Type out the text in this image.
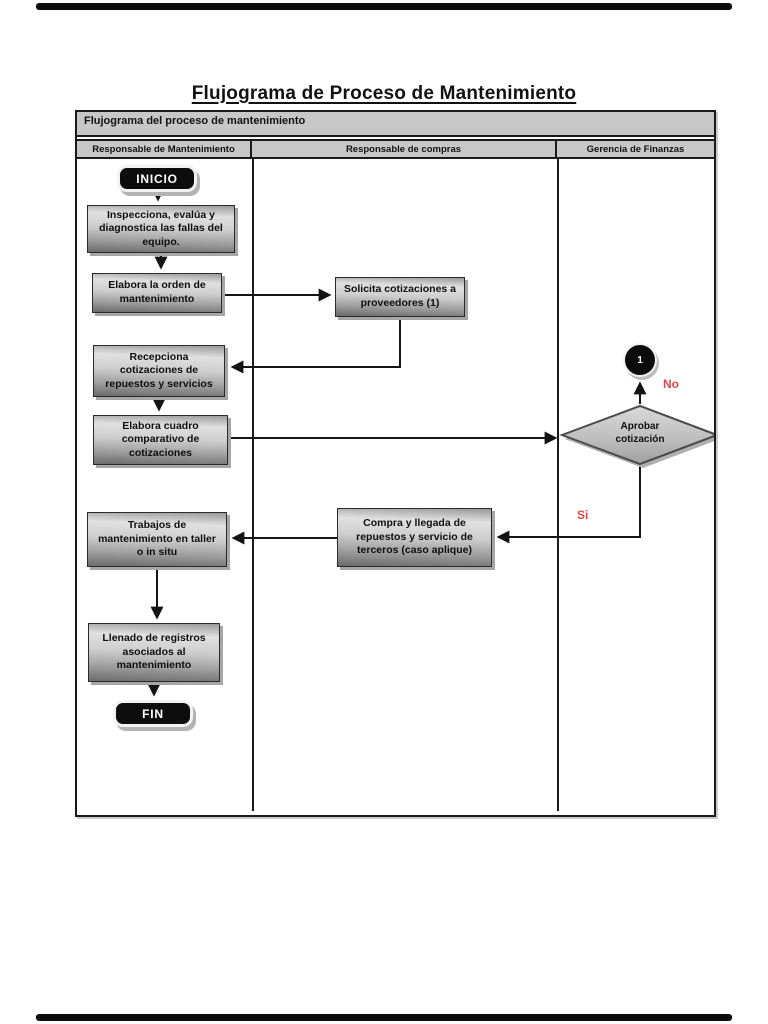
Flujograma de Proceso de Mantenimiento
Flujograma del proceso de mantenimiento
Responsable de Mantenimiento	Responsable de compras	Gerencia de Finanzas
INICIO
Inspecciona, evalúa y diagnostica las fallas del equipo.
Elabora la orden de mantenimiento
Solicita cotizaciones a proveedores (1)
Recepciona cotizaciones de repuestos y servicios
Elabora cuadro comparativo de cotizaciones
1
Aprobar cotización
No
Si
Compra y llegada de repuestos y servicio de terceros (caso aplique)
Trabajos de mantenimiento en taller o in situ
Llenado de registros asociados al mantenimiento
FIN
